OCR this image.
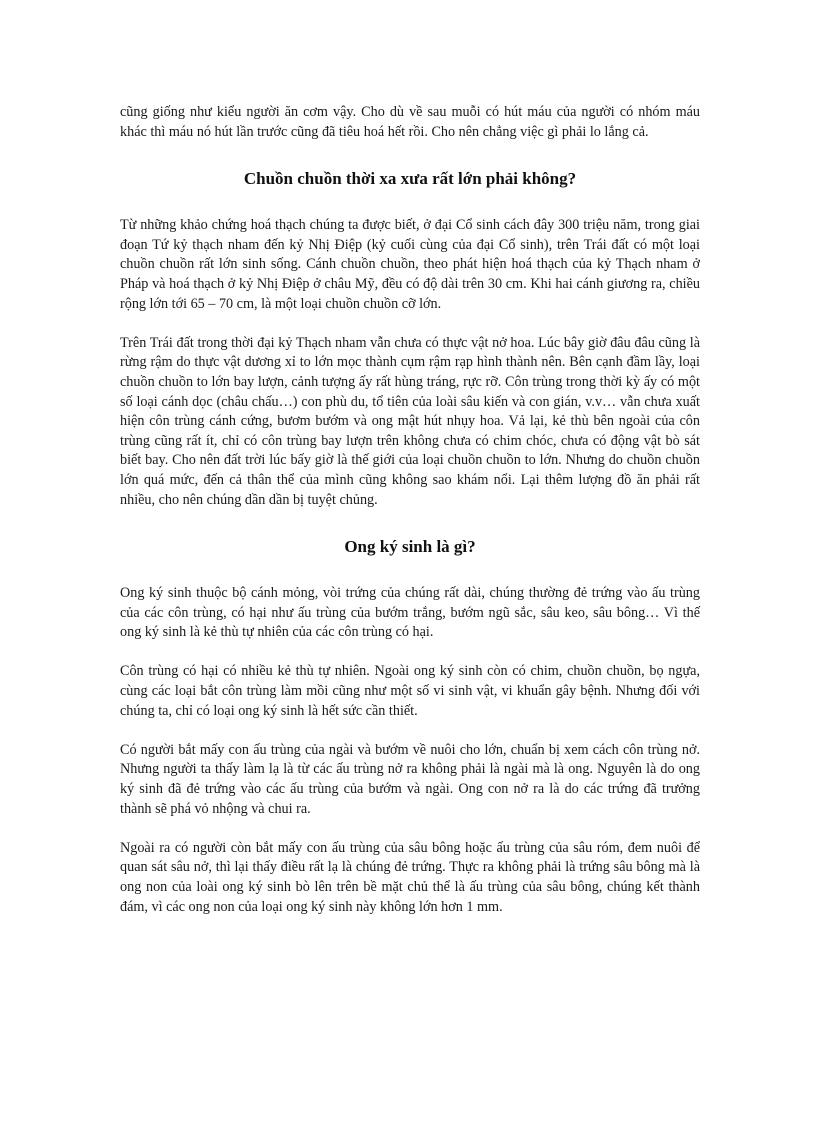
cũng giống như kiểu người ăn cơm vậy. Cho dù về sau muỗi có hút máu của người có nhóm máu khác thì máu nó hút lần trước cũng đã tiêu hoá hết rồi. Cho nên chẳng việc gì phải lo lắng cả.

Chuồn chuồn thời xa xưa rất lớn phải không?

Từ những khảo chứng hoá thạch chúng ta được biết, ở đại Cổ sinh cách đây 300 triệu năm, trong giai đoạn Tứ kỷ thạch nham đến kỷ Nhị Điệp (kỷ cuối cùng của đại Cổ sinh), trên Trái đất có một loại chuồn chuồn rất lớn sinh sống. Cánh chuồn chuồn, theo phát hiện hoá thạch của kỷ Thạch nham ở Pháp và hoá thạch ở kỷ Nhị Điệp ở châu Mỹ, đều có độ dài trên 30 cm. Khi hai cánh giương ra, chiều rộng lớn tới 65 – 70 cm, là một loại chuồn chuồn cỡ lớn.

Trên Trái đất trong thời đại kỷ Thạch nham vẫn chưa có thực vật nở hoa. Lúc bây giờ đâu đâu cũng là rừng rậm do thực vật dương xỉ to lớn mọc thành cụm rậm rạp hình thành nên. Bên cạnh đầm lầy, loại chuồn chuồn to lớn bay lượn, cảnh tượng ấy rất hùng tráng, rực rỡ. Côn trùng trong thời kỳ ấy có một số loại cánh dọc (châu chấu…) con phù du, tổ tiên của loài sâu kiến và con gián, v.v… vẫn chưa xuất hiện côn trùng cánh cứng, bươm bướm và ong mật hút nhụy hoa. Vả lại, kẻ thù bên ngoài của côn trùng cũng rất ít, chỉ có côn trùng bay lượn trên không chưa có chim chóc, chưa có động vật bò sát biết bay. Cho nên đất trời lúc bấy giờ là thế giới của loại chuồn chuồn to lớn. Nhưng do chuồn chuồn lớn quá mức, đến cả thân thể của mình cũng không sao khám nổi. Lại thêm lượng đồ ăn phải rất nhiều, cho nên chúng dần dần bị tuyệt chủng.

Ong ký sinh là gì?

Ong ký sinh thuộc bộ cánh mỏng, vòi trứng của chúng rất dài, chúng thường đẻ trứng vào ấu trùng của các côn trùng, có hại như ấu trùng của bướm trắng, bướm ngũ sắc, sâu keo, sâu bông… Vì thế ong ký sinh là kẻ thù tự nhiên của các côn trùng có hại.

Côn trùng có hại có nhiều kẻ thù tự nhiên. Ngoài ong ký sinh còn có chim, chuồn chuồn, bọ ngựa, cùng các loại bắt côn trùng làm mồi cũng như một số vi sinh vật, vi khuẩn gây bệnh. Nhưng đối với chúng ta, chỉ có loại ong ký sinh là hết sức cần thiết.

Có người bắt mấy con ấu trùng của ngài và bướm về nuôi cho lớn, chuẩn bị xem cách côn trùng nở. Nhưng người ta thấy làm lạ là từ các ấu trùng nở ra không phải là ngài mà là ong. Nguyên là do ong ký sinh đã đẻ trứng vào các ấu trùng của bướm và ngài. Ong con nở ra là do các trứng đã trưởng thành sẽ phá vỏ nhộng và chui ra.

Ngoài ra có người còn bắt mấy con ấu trùng của sâu bông hoặc ấu trùng của sâu róm, đem nuôi để quan sát sâu nở, thì lại thấy điều rất lạ là chúng đẻ trứng. Thực ra không phải là trứng sâu bông mà là ong non của loài ong ký sinh bò lên trên bề mặt chủ thể là ấu trùng của sâu bông, chúng kết thành đám, vì các ong non của loại ong ký sinh này không lớn hơn 1 mm.
